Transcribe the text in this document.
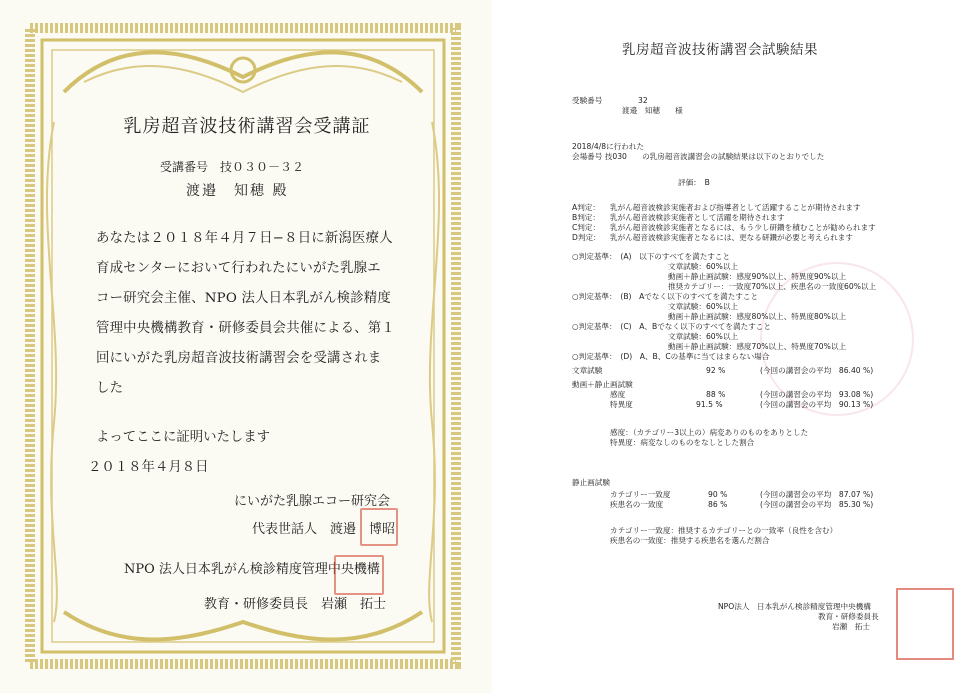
乳房超音波技術講習会受講証
受講番号　技０３０－３２
渡邉　知穂 殿

あなたは２０１８年４月７日−８日に新潟医療人

育成センターにおいて行われたにいがた乳腺エ

コー研究会主催、NPO 法人日本乳がん検診精度

管理中央機構教育・研修委員会共催による、第１

回にいがた乳房超音波技術講習会を受講されま

した

よってここに証明いたします
２０１８年４月８日
にいがた乳腺エコー研究会
代表世話人　渡邉　博昭
NPO 法人日本乳がん検診精度管理中央機構
教育・研修委員長　岩瀬　拓士
乳房超音波技術講習会試験結果
受験番号	32
渡邉　知穂　　様
2018/4/8に行われた
会場番号 技030　　の乳房超音波講習会の試験結果は以下のとおりでした
評価：　B
A判定： 乳がん超音波検診実施者および指導者として活躍することが期待されます
B判定： 乳がん超音波検診実施者として活躍を期待されます
C判定： 乳がん超音波検診実施者となるには、もう少し研鑽を積むことが勧められます
D判定： 乳がん超音波検診実施者となるには、更なる研鑽が必要と考えられます
○判定基準：　(A)　以下のすべてを満たすこと
文章試験：60%以上
動画＋静止画試験：感度90%以上、特異度90%以上
推奨カテゴリー：一致度70%以上、疾患名の一致度60%以上
○判定基準：　(B)　Aでなく以下のすべてを満たすこと
文章試験：60%以上
動画＋静止画試験：感度80%以上、特異度80%以上
○判定基準：　(C)　A、Bでなく以下のすべてを満たすこと
文章試験：60%以上
動画＋静止画試験：感度70%以上、特異度70%以上
○判定基準：　(D)　A、B、Cの基準に当てはまらない場合
文章試験	92 %	(今回の講習会の平均　86.40 %)
動画＋静止画試験
感度	88 %	(今回の講習会の平均　93.08 %)
特異度	91.5 %	(今回の講習会の平均　90.13 %)
感度：（カテゴリー3以上の）病変ありのものをありとした
特異度：病変なしのものをなしとした割合
静止画試験
カテゴリー一致度	90 %	(今回の講習会の平均　87.07 %)
疾患名の一致度	86 %	(今回の講習会の平均　85.30 %)
カテゴリー一致度：推奨するカテゴリーとの一致率（良性を含む）
疾患名の一致度：推奨する疾患名を選んだ割合
NPO法人　日本乳がん検診精度管理中央機構
教育・研修委員長
岩瀬　拓士
